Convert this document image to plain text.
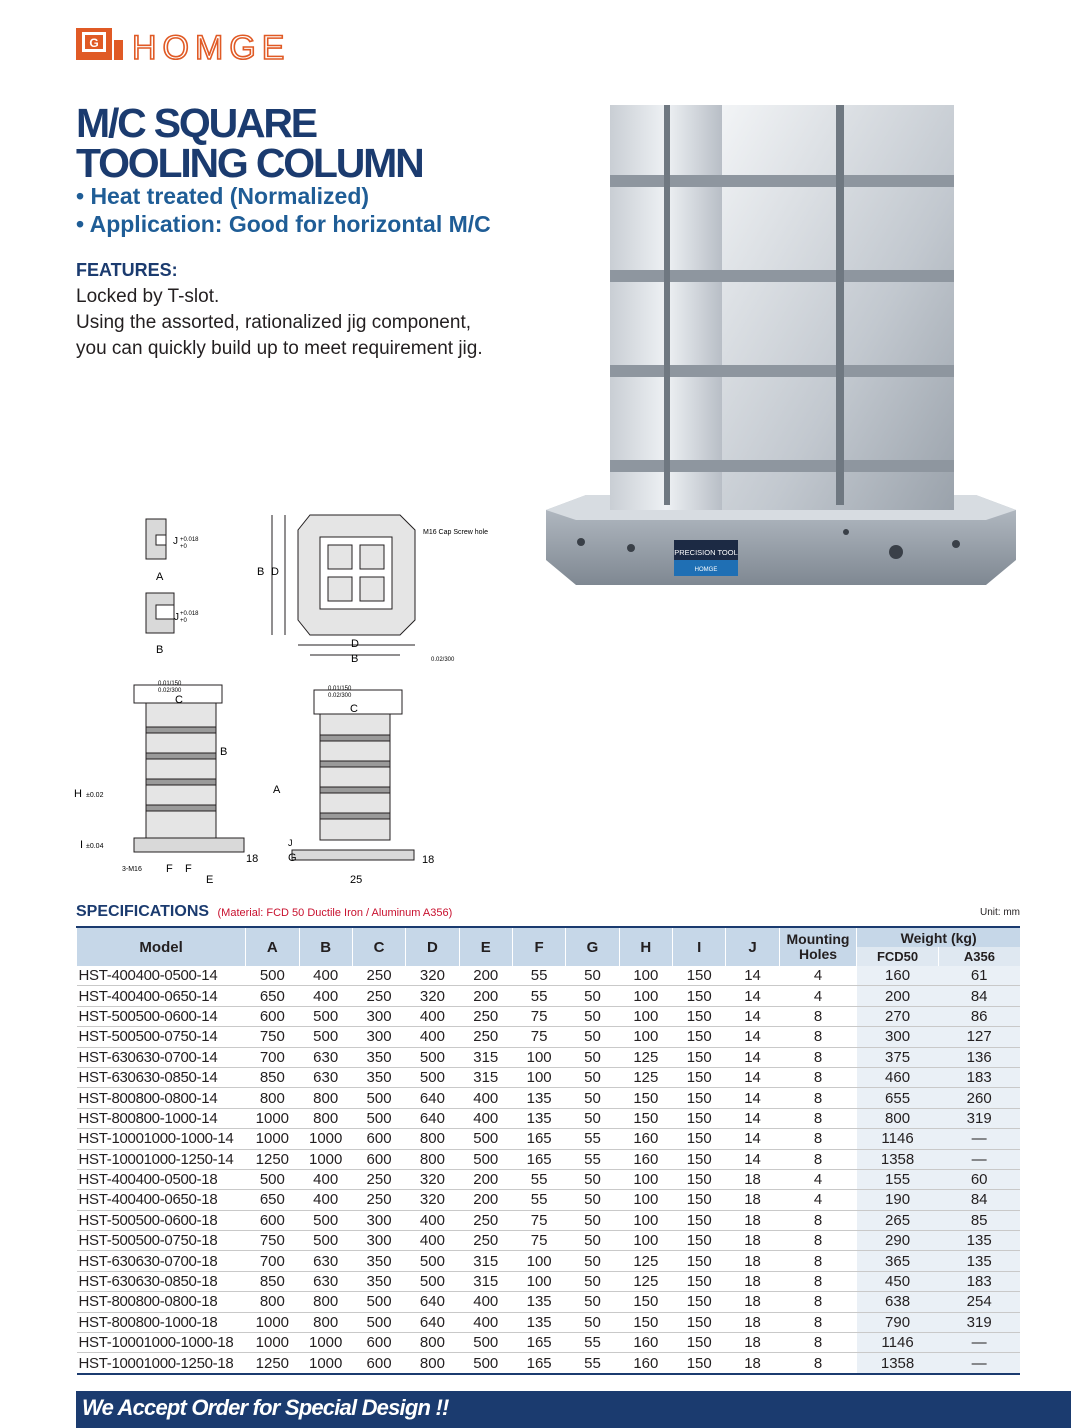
G HOMGE
M/C SQUARE
TOOLING COLUMN
• Heat treated (Normalized)
• Application: Good for horizontal M/C
FEATURES:
Locked by T-slot.
Using the assorted, rationalized jig component,
you can quickly build up to meet requirement jig.
PRECISION TOOL
HOMGE
J +0.018
+0
A
J +0.018
+0
B
M16 Cap Screw hole
B D
D
B	0.02/300
0.01/150
0.02/300
C
B
H ±0.02
I ±0.04
3-M16 F F
E
18
0.01/150
0.02/300
C
A
J
G	18
25
SPECIFICATIONS (Material: FCD 50 Ductile Iron / Aluminum A356)	Unit: mm
Model	A	B	C	D	E	F	G	H	I	J	Mounting Holes	Weight (kg)	
												FCD50	A356
HST-400400-0500-14	500	400	250	320	200	55	50	100	150	14	4	160	61
HST-400400-0650-14	650	400	250	320	200	55	50	100	150	14	4	200	84
HST-500500-0600-14	600	500	300	400	250	75	50	100	150	14	8	270	86
HST-500500-0750-14	750	500	300	400	250	75	50	100	150	14	8	300	127
HST-630630-0700-14	700	630	350	500	315	100	50	125	150	14	8	375	136
HST-630630-0850-14	850	630	350	500	315	100	50	125	150	14	8	460	183
HST-800800-0800-14	800	800	500	640	400	135	50	150	150	14	8	655	260
HST-800800-1000-14	1000	800	500	640	400	135	50	150	150	14	8	800	319
HST-10001000-1000-14	1000	1000	600	800	500	165	55	160	150	14	8	1146	—
HST-10001000-1250-14	1250	1000	600	800	500	165	55	160	150	14	8	1358	—
HST-400400-0500-18	500	400	250	320	200	55	50	100	150	18	4	155	60
HST-400400-0650-18	650	400	250	320	200	55	50	100	150	18	4	190	84
HST-500500-0600-18	600	500	300	400	250	75	50	100	150	18	8	265	85
HST-500500-0750-18	750	500	300	400	250	75	50	100	150	18	8	290	135
HST-630630-0700-18	700	630	350	500	315	100	50	125	150	18	8	365	135
HST-630630-0850-18	850	630	350	500	315	100	50	125	150	18	8	450	183
HST-800800-0800-18	800	800	500	640	400	135	50	150	150	18	8	638	254
HST-800800-1000-18	1000	800	500	640	400	135	50	150	150	18	8	790	319
HST-10001000-1000-18	1000	1000	600	800	500	165	55	160	150	18	8	1146	—
HST-10001000-1250-18	1250	1000	600	800	500	165	55	160	150	18	8	1358	—
We Accept Order for Special Design !!
